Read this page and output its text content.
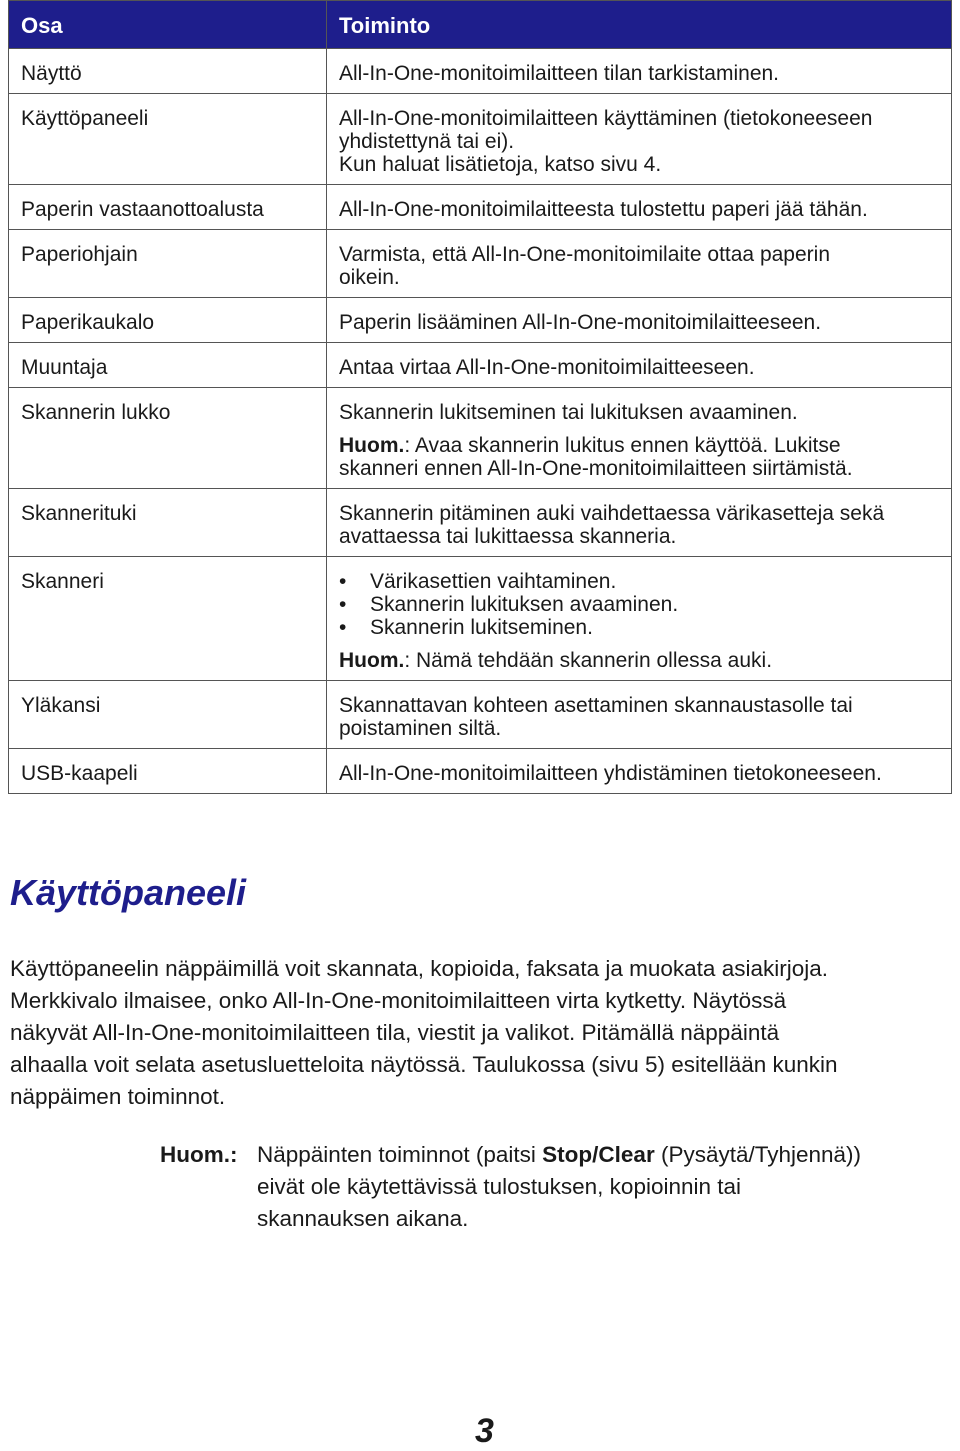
Osa	Toiminto
Näyttö	All-In-One-monitoimilaitteen tilan tarkistaminen.

Käyttöpaneeli	All-In-One-monitoimilaitteen käyttäminen (tietokoneeseen
yhdistettynä tai ei).
Kun haluat lisätietoja, katso sivu 4.

Paperin vastaanottoalusta	All-In-One-monitoimilaitteesta tulostettu paperi jää tähän.

Paperiohjain	Varmista, että All-In-One-monitoimilaite ottaa paperin
oikein.

Paperikaukalo	Paperin lisääminen All-In-One-monitoimilaitteeseen.

Muuntaja	Antaa virtaa All-In-One-monitoimilaitteeseen.

Skannerin lukko	Skannerin lukitseminen tai lukituksen avaaminen.
Huom.: Avaa skannerin lukitus ennen käyttöä. Lukitse
skanneri ennen All-In-One-monitoimilaitteen siirtämistä.

Skannerituki	Skannerin pitäminen auki vaihdettaessa värikasetteja sekä
avattaessa tai lukittaessa skanneria.

Skanneri	• Värikasettien vaihtaminen.
• Skannerin lukituksen avaaminen.
• Skannerin lukitseminen.
Huom.: Nämä tehdään skannerin ollessa auki.

Yläkansi	Skannattavan kohteen asettaminen skannaustasolle tai
poistaminen siltä.

USB-kaapeli	All-In-One-monitoimilaitteen yhdistäminen tietokoneeseen.
Käyttöpaneeli

Käyttöpaneelin näppäimillä voit skannata, kopioida, faksata ja muokata asiakirjoja.
Merkkivalo ilmaisee, onko All-In-One-monitoimilaitteen virta kytketty. Näytössä
näkyvät All-In-One-monitoimilaitteen tila, viestit ja valikot. Pitämällä näppäintä
alhaalla voit selata asetusluetteloita näytössä. Taulukossa (sivu 5) esitellään kunkin
näppäimen toiminnot.

Huom.: Näppäinten toiminnot (paitsi Stop/Clear (Pysäytä/Tyhjennä))
eivät ole käytettävissä tulostuksen, kopioinnin tai
skannauksen aikana.
3
